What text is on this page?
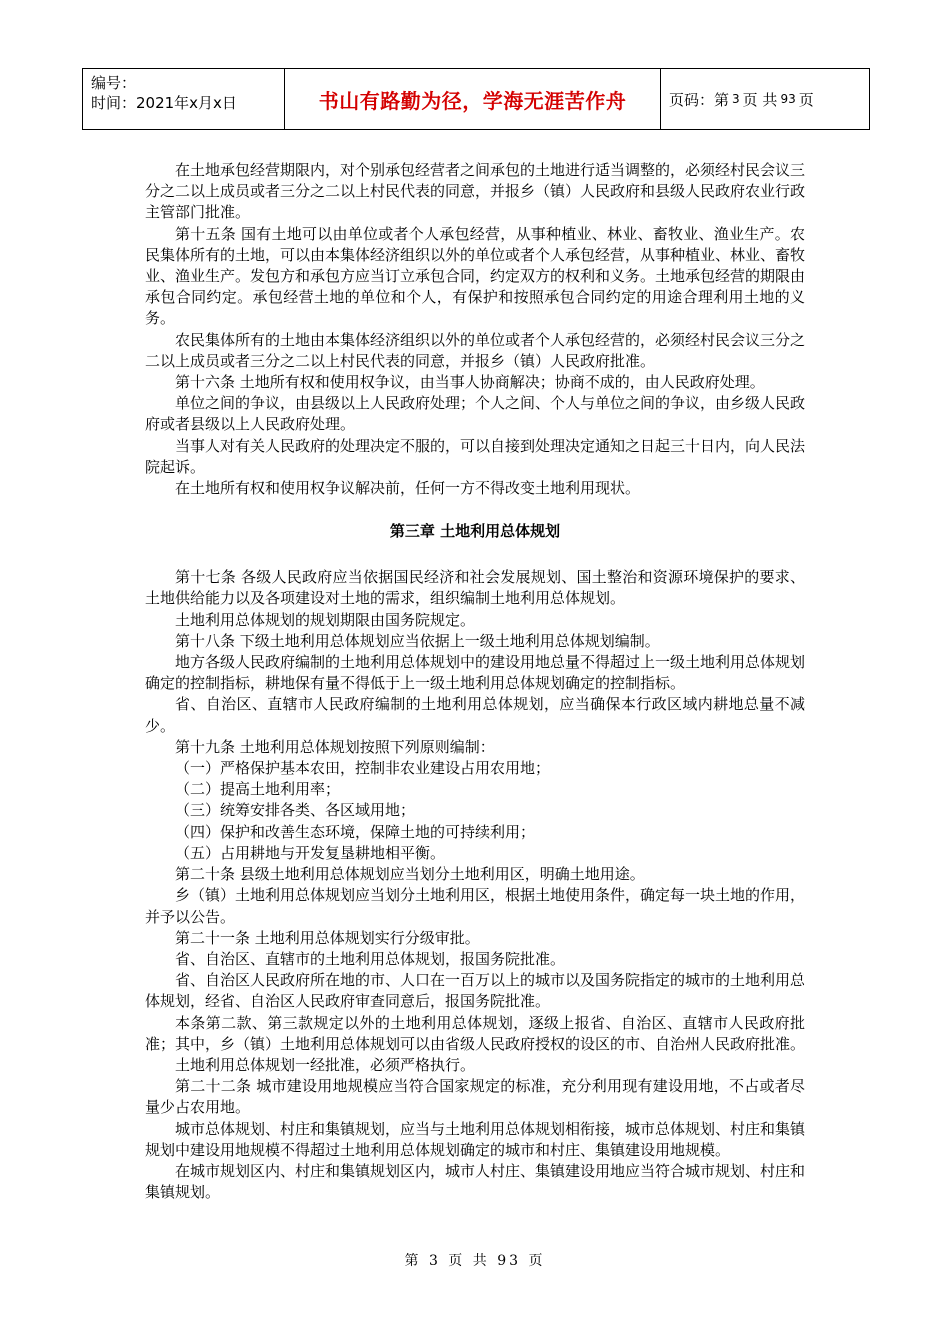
编号：
时间：2021年x月x日	书山有路勤为径，学海无涯苦作舟	页码：第 3 页 共 93 页

在土地承包经营期限内，对个别承包经营者之间承包的土地进行适当调整的，必须经村民会议三分之二以上成员或者三分之二以上村民代表的同意，并报乡（镇）人民政府和县级人民政府农业行政主管部门批准。

第十五条 国有土地可以由单位或者个人承包经营，从事种植业、林业、畜牧业、渔业生产。农民集体所有的土地，可以由本集体经济组织以外的单位或者个人承包经营，从事种植业、林业、畜牧业、渔业生产。发包方和承包方应当订立承包合同，约定双方的权利和义务。土地承包经营的期限由承包合同约定。承包经营土地的单位和个人，有保护和按照承包合同约定的用途合理利用土地的义务。

农民集体所有的土地由本集体经济组织以外的单位或者个人承包经营的，必须经村民会议三分之二以上成员或者三分之二以上村民代表的同意，并报乡（镇）人民政府批准。

第十六条 土地所有权和使用权争议，由当事人协商解决；协商不成的，由人民政府处理。

单位之间的争议，由县级以上人民政府处理；个人之间、个人与单位之间的争议，由乡级人民政府或者县级以上人民政府处理。

当事人对有关人民政府的处理决定不服的，可以自接到处理决定通知之日起三十日内，向人民法院起诉。

在土地所有权和使用权争议解决前，任何一方不得改变土地利用现状。

第三章 土地利用总体规划

第十七条 各级人民政府应当依据国民经济和社会发展规划、国土整治和资源环境保护的要求、土地供给能力以及各项建设对土地的需求，组织编制土地利用总体规划。

土地利用总体规划的规划期限由国务院规定。

第十八条 下级土地利用总体规划应当依据上一级土地利用总体规划编制。

地方各级人民政府编制的土地利用总体规划中的建设用地总量不得超过上一级土地利用总体规划确定的控制指标，耕地保有量不得低于上一级土地利用总体规划确定的控制指标。

省、自治区、直辖市人民政府编制的土地利用总体规划，应当确保本行政区域内耕地总量不减少。

第十九条 土地利用总体规划按照下列原则编制：

（一）严格保护基本农田，控制非农业建设占用农用地；

（二）提高土地利用率；

（三）统筹安排各类、各区域用地；

（四）保护和改善生态环境，保障土地的可持续利用；

（五）占用耕地与开发复垦耕地相平衡。

第二十条 县级土地利用总体规划应当划分土地利用区，明确土地用途。

乡（镇）土地利用总体规划应当划分土地利用区，根据土地使用条件，确定每一块土地的作用，并予以公告。

第二十一条 土地利用总体规划实行分级审批。

省、自治区、直辖市的土地利用总体规划，报国务院批准。

省、自治区人民政府所在地的市、人口在一百万以上的城市以及国务院指定的城市的土地利用总体规划，经省、自治区人民政府审查同意后，报国务院批准。

本条第二款、第三款规定以外的土地利用总体规划，逐级上报省、自治区、直辖市人民政府批准；其中，乡（镇）土地利用总体规划可以由省级人民政府授权的设区的市、自治州人民政府批准。

土地利用总体规划一经批准，必须严格执行。

第二十二条 城市建设用地规模应当符合国家规定的标准，充分利用现有建设用地，不占或者尽量少占农用地。

城市总体规划、村庄和集镇规划，应当与土地利用总体规划相衔接，城市总体规划、村庄和集镇规划中建设用地规模不得超过土地利用总体规划确定的城市和村庄、集镇建设用地规模。

在城市规划区内、村庄和集镇规划区内，城市人村庄、集镇建设用地应当符合城市规划、村庄和集镇规划。

第 3 页 共 93 页
